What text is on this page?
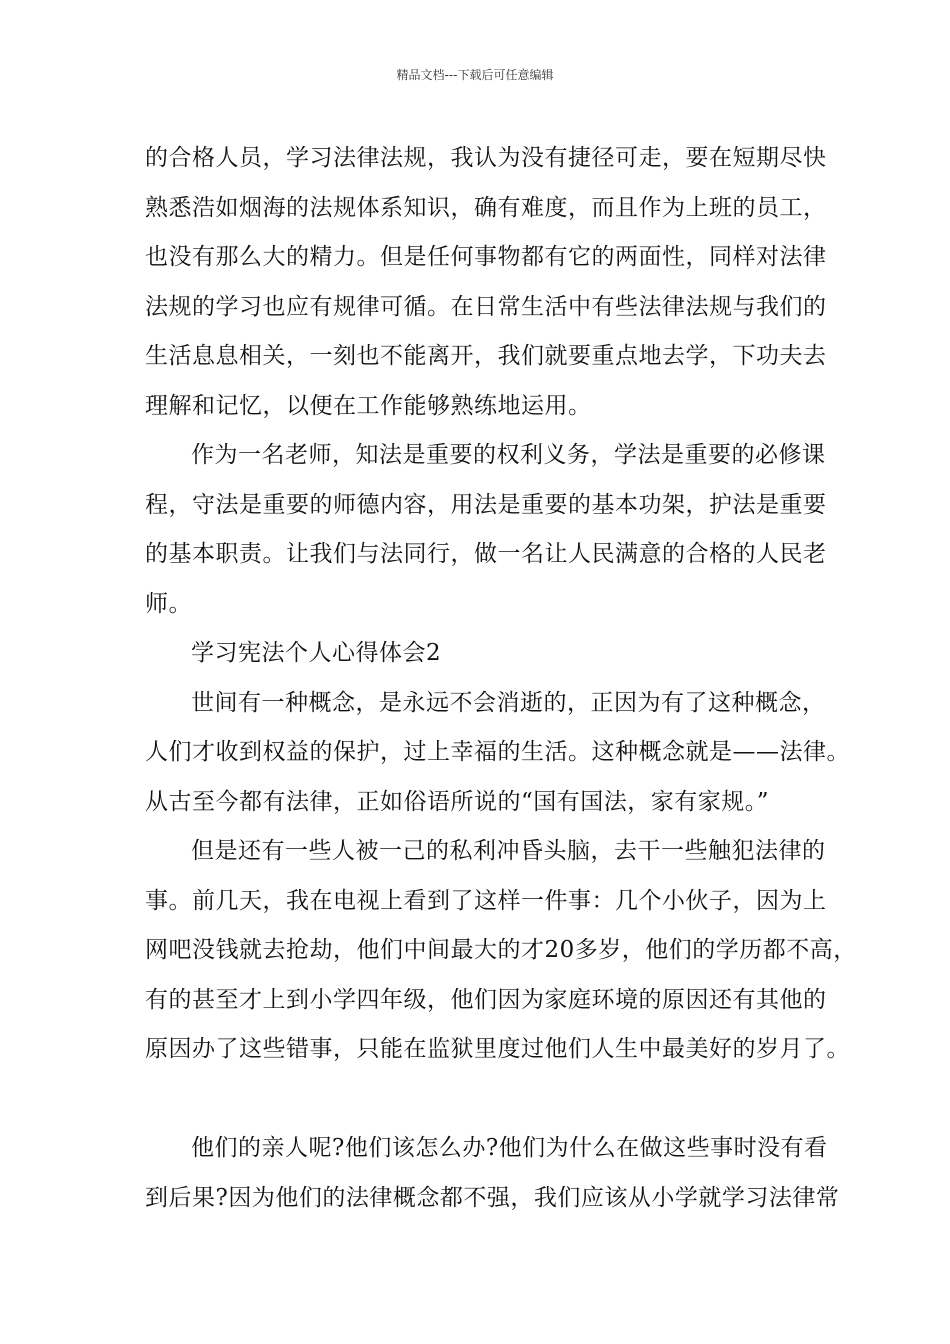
精品文档---下载后可任意编辑
的合格人员，学习法律法规，我认为没有捷径可走，要在短期尽快
熟悉浩如烟海的法规体系知识，确有难度，而且作为上班的员工，
也没有那么大的精力。但是任何事物都有它的两面性，同样对法律
法规的学习也应有规律可循。在日常生活中有些法律法规与我们的
生活息息相关，一刻也不能离开，我们就要重点地去学，下功夫去
理解和记忆，以便在工作能够熟练地运用。
作为一名老师，知法是重要的权利义务，学法是重要的必修课
程，守法是重要的师德内容，用法是重要的基本功架，护法是重要
的基本职责。让我们与法同行，做一名让人民满意的合格的人民老
师。
学习宪法个人心得体会2
世间有一种概念，是永远不会消逝的，正因为有了这种概念，
人们才收到权益的保护，过上幸福的生活。这种概念就是——法律。
从古至今都有法律，正如俗语所说的“国有国法，家有家规。”
但是还有一些人被一己的私利冲昏头脑，去干一些触犯法律的
事。前几天，我在电视上看到了这样一件事：几个小伙子，因为上
网吧没钱就去抢劫，他们中间最大的才20多岁，他们的学历都不高，
有的甚至才上到小学四年级，他们因为家庭环境的原因还有其他的
原因办了这些错事，只能在监狱里度过他们人生中最美好的岁月了。
他们的亲人呢?他们该怎么办?他们为什么在做这些事时没有看
到后果?因为他们的法律概念都不强，我们应该从小学就学习法律常
